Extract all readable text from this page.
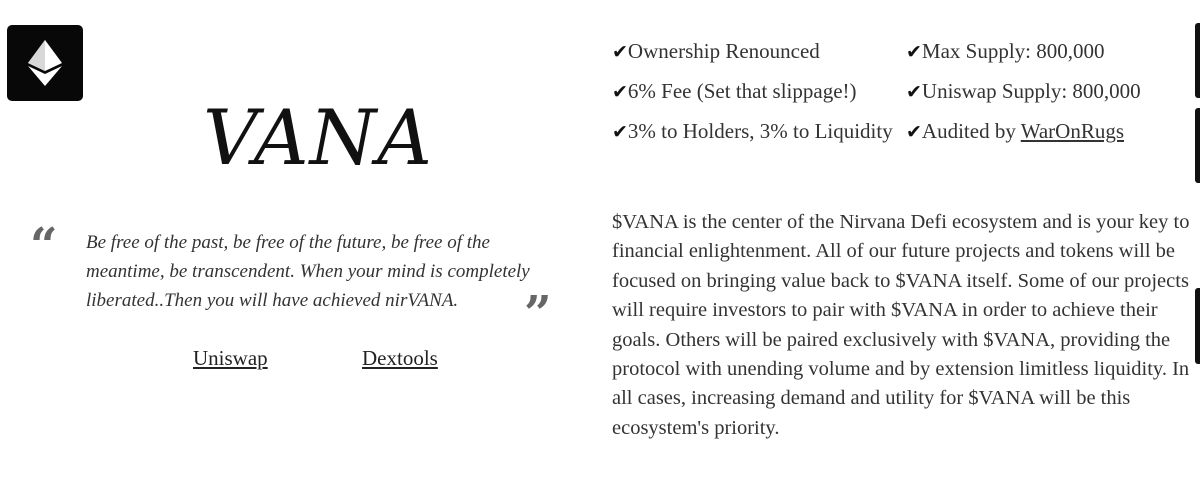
VANA
“ Be free of the past, be free of the future, be free of the meantime, be transcendent. When your mind is completely liberated..Then you will have achieved nirVANA.	”
Uniswap	Dextools
✔Ownership Renounced	✔Max Supply: 800,000
✔6% Fee (Set that slippage!)	✔Uniswap Supply: 800,000
✔3% to Holders, 3% to Liquidity ✔Audited by WarOnRugs
$VANA is the center of the Nirvana Defi ecosystem and is your key to financial enlightenment. All of our future projects and tokens will be focused on bringing value back to $VANA itself. Some of our projects will require investors to pair with $VANA in order to achieve their goals. Others will be paired exclusively with $VANA, providing the protocol with unending volume and by extension limitless liquidity. In all cases, increasing demand and utility for $VANA will be this ecosystem's priority.
